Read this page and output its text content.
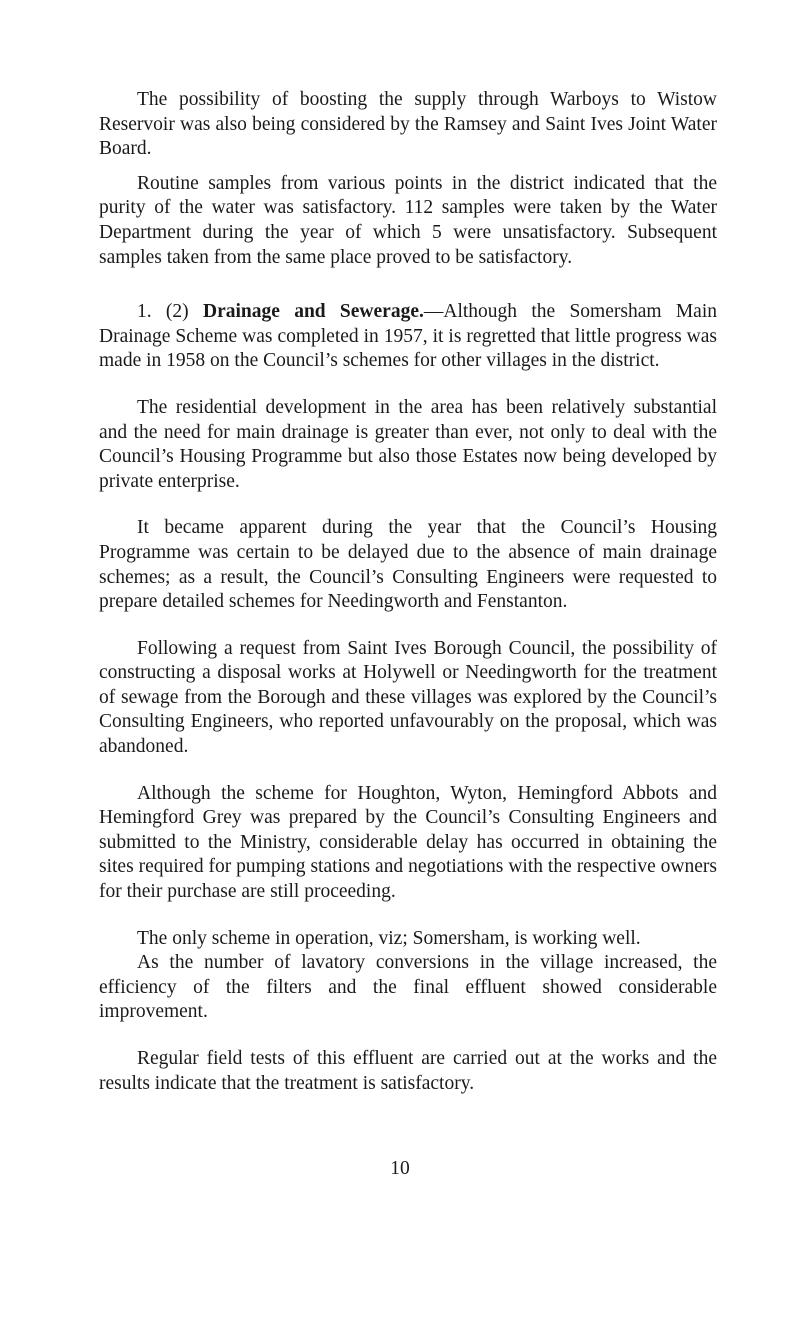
The possibility of boosting the supply through Warboys to Wistow Reservoir was also being considered by the Ramsey and Saint Ives Joint Water Board.

Routine samples from various points in the district indicated that the purity of the water was satisfactory. 112 samples were taken by the Water Department during the year of which 5 were unsatisfactory. Subsequent samples taken from the same place proved to be satisfactory.

1. (2) Drainage and Sewerage.—Although the Somersham Main Drainage Scheme was completed in 1957, it is regretted that little progress was made in 1958 on the Council’s schemes for other villages in the district.

The residential development in the area has been relatively substantial and the need for main drainage is greater than ever, not only to deal with the Council’s Housing Programme but also those Estates now being developed by private enterprise.

It became apparent during the year that the Council’s Housing Programme was certain to be delayed due to the absence of main drainage schemes; as a result, the Council’s Consulting Engineers were requested to prepare detailed schemes for Needingworth and Fenstanton.

Following a request from Saint Ives Borough Council, the possibility of constructing a disposal works at Holywell or Needingworth for the treatment of sewage from the Borough and these villages was explored by the Council’s Consulting Engineers, who reported unfavourably on the proposal, which was abandoned.

Although the scheme for Houghton, Wyton, Hemingford Abbots and Hemingford Grey was prepared by the Council’s Consulting Engineers and submitted to the Ministry, considerable delay has occurred in obtaining the sites required for pumping stations and negotiations with the respective owners for their purchase are still proceeding.

The only scheme in operation, viz; Somersham, is working well.

As the number of lavatory conversions in the village increased, the efficiency of the filters and the final effluent showed considerable improvement.

Regular field tests of this effluent are carried out at the works and the results indicate that the treatment is satisfactory.

10
